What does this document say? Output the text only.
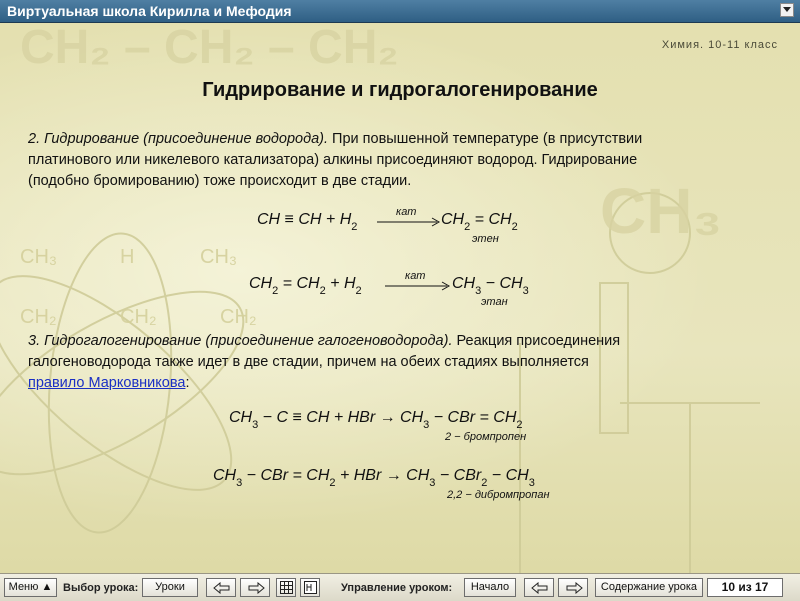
Виртуальная школа Кирилла и Мефодия
CH₂ – CH₂ – CH₂
CH₃
CH₃	H	CH₃
CH₂	CH₂	CH₂
Химия. 10-11 класс
Гидрирование и гидрогалогенирование
2. Гидрирование (присоединение водорода). При повышенной температуре (в присутствии
платинового или никелевого катализатора) алкины присоединяют водород. Гидрирование
(подобно бромированию) тоже происходит в две стадии.
CH ≡ CH + $H_2$
кат → $CH_2 = CH_2$
этен
$CH_2 = CH_2 + H_2$
кат $CH_3 - CH_3$
этан
3. Гидрогалогенирование (присоединение галогеноводорода). Реакция присоединения
галогеноводорода также идет в две стадии, причем на обеих стадиях выполняется
правило Марковникова:
$CH_3 - C$ ≡ CH + HBr → $CH_3$ − CBr = $CH_2$
2 − бромпропен
$CH_3$ − CBr = $CH_2$ + HBr → $CH_3 - CBr_2 - CH_3$
2,2 − дибромпропан
Меню ▲ Выбор урока:	Уроки	Управление уроком:	Начало	Содержание урока	10 из 17
